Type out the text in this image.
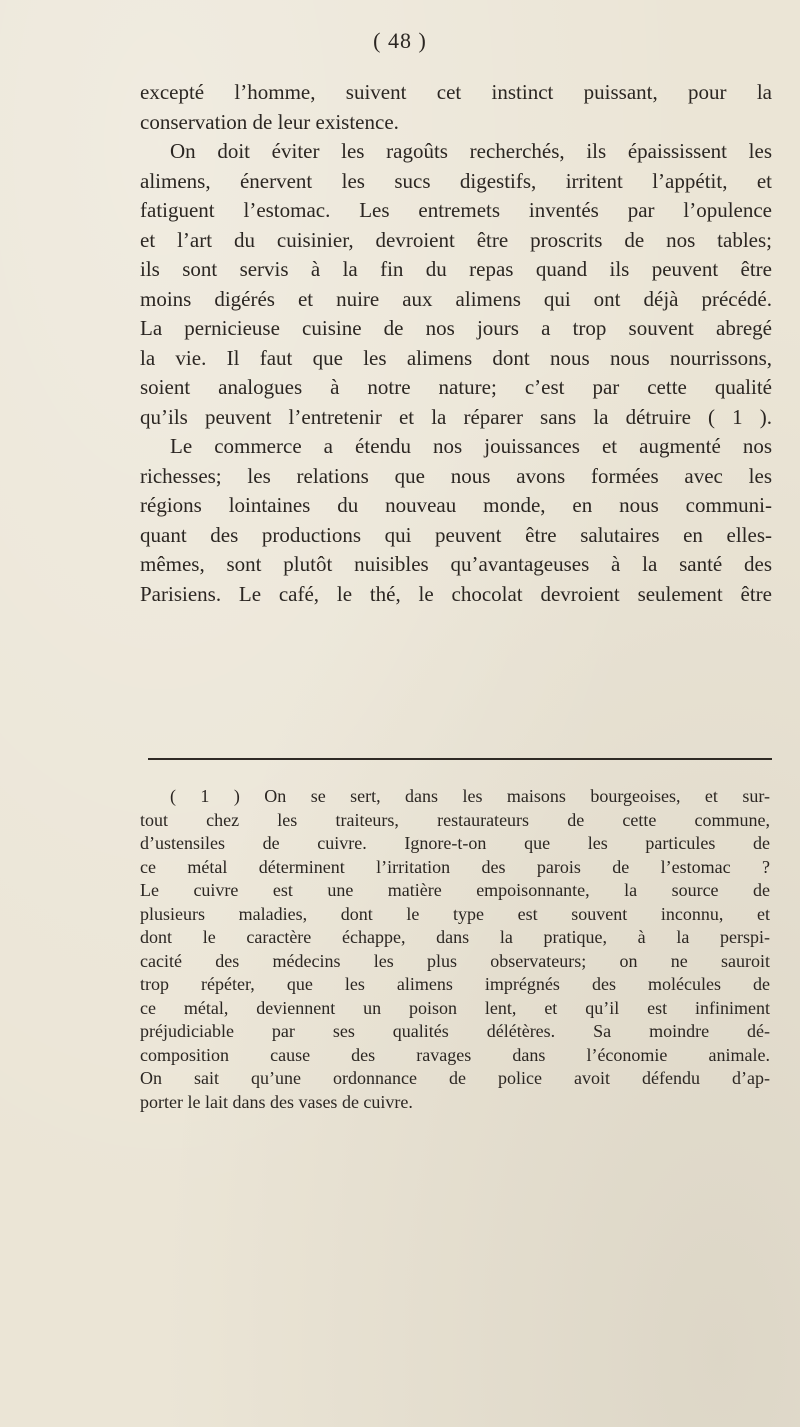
( 48 )
excepté l’homme, suivent cet instinct puissant, pour la
conservation de leur existence.
On doit éviter les ragoûts recherchés, ils épaississent les
alimens, énervent les sucs digestifs, irritent l’appétit, et
fatiguent l’estomac. Les entremets inventés par l’opulence
et l’art du cuisinier, devroient être proscrits de nos tables;
ils sont servis à la fin du repas quand ils peuvent être
moins digérés et nuire aux alimens qui ont déjà précédé.
La pernicieuse cuisine de nos jours a trop souvent abregé
la vie. Il faut que les alimens dont nous nous nourrissons,
soient analogues à notre nature; c’est par cette qualité
qu’ils peuvent l’entretenir et la réparer sans la détruire ( 1 ).
Le commerce a étendu nos jouissances et augmenté nos
richesses; les relations que nous avons formées avec les
régions lointaines du nouveau monde, en nous communi-
quant des productions qui peuvent être salutaires en elles-
mêmes, sont plutôt nuisibles qu’avantageuses à la santé des
Parisiens. Le café, le thé, le chocolat devroient seulement être
( 1 ) On se sert, dans les maisons bourgeoises, et sur-
tout chez les traiteurs, restaurateurs de cette commune,
d’ustensiles de cuivre. Ignore-t-on que les particules de
ce métal déterminent l’irritation des parois de l’estomac ?
Le cuivre est une matière empoisonnante, la source de
plusieurs maladies, dont le type est souvent inconnu, et
dont le caractère échappe, dans la pratique, à la perspi-
cacité des médecins les plus observateurs; on ne sauroit
trop répéter, que les alimens imprégnés des molécules de
ce métal, deviennent un poison lent, et qu’il est infiniment
préjudiciable par ses qualités délétères. Sa moindre dé-
composition cause des ravages dans l’économie animale.
On sait qu’une ordonnance de police avoit défendu d’ap-
porter le lait dans des vases de cuivre.
